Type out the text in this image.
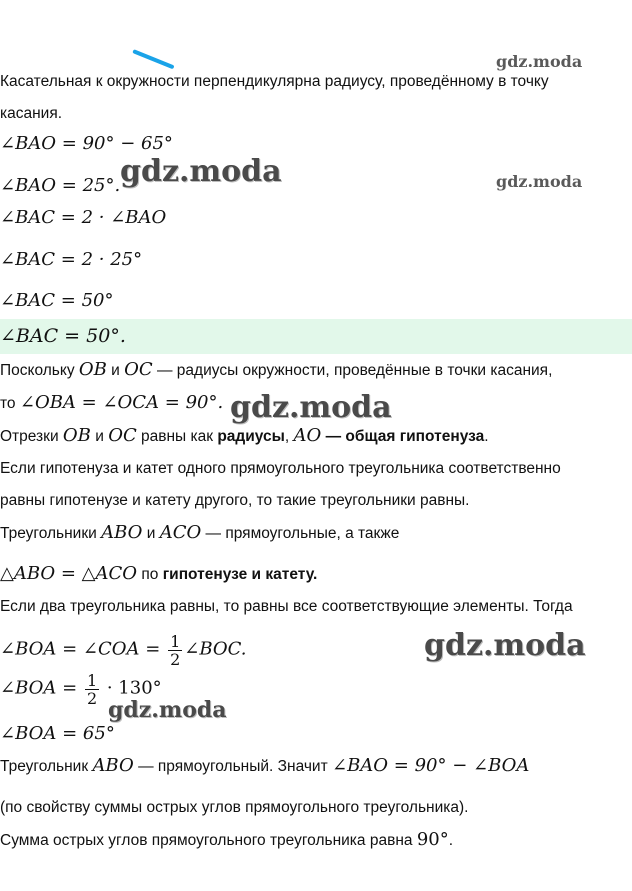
gdz.moda
Касательная к окружности перпендикулярна радиусу, проведённому в точку
касания.
∠BAO = 90° − 65°
∠BAO = 25°. gdz.moda	gdz.moda
∠BAC = 2 · ∠BAO
∠BAC = 2 · 25°
∠BAC = 50°
∠BAC = 50°.
Поскольку OB и OC — радиусы окружности, проведённые в точки касания,
то ∠OBA = ∠OCA = 90°. gdz.moda
Отрезки OB и OC равны как радиусы, AO — общая гипотенуза.
Если гипотенуза и катет одного прямоугольного треугольника соответственно
равны гипотенузе и катету другого, то такие треугольники равны.
Треугольники ABO и ACO — прямоугольные, а также
△ABO = △ACO по гипотенузе и катету.
Если два треугольника равны, то равны все соответствующие элементы. Тогда
∠BOA = ∠COA = $\frac{1}{2}$ ∠BOC.	gdz.moda
∠BOA = $\frac{1}{2} \cdot 130^\circ$
gdz.moda
∠BOA = 65°
Треугольник ABO — прямоугольный. Значит ∠BAO = 90° − ∠BOA
(по свойству суммы острых углов прямоугольного треугольника).
Сумма острых углов прямоугольного треугольника равна 90°.
